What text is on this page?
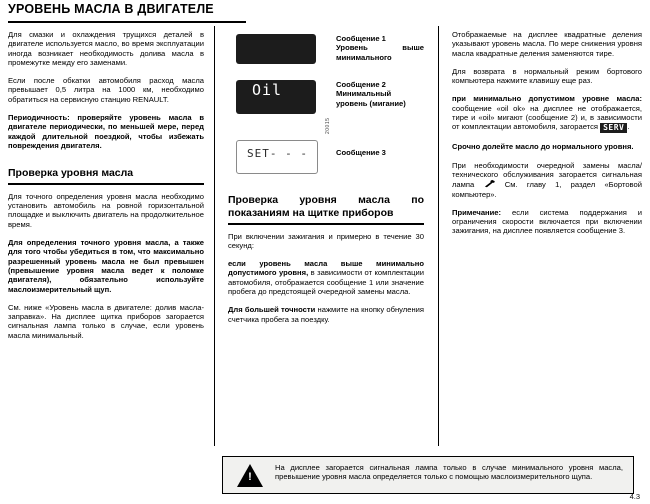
УРОВЕНЬ МАСЛА В ДВИГАТЕЛЕ

Для смазки и охлаждения трущихся деталей в двигателе используется масло, во время эксплуатации иногда возникает необходимость долива масла в промежутке между его заменами.

Если после обкатки автомобиля расход масла превышает 0,5 литра на 1000 км, необходимо обратиться на сервисную станцию RENAULT.

Периодичность: проверяйте уровень масла в двигателе периодически, по меньшей мере, перед каждой длительной поездкой, чтобы избежать повреждения двигателя.

Проверка уровня масла

Для точного определения уровня масла необходимо установить автомобиль на ровной горизонтальной площадке и выключить двигатель на продолжительное время.

Для определения точного уровня масла, а также для того чтобы убедиться в том, что максимально разрешенный уровень масла не был превышен (превышение уровня масла ведет к поломке двигателя), обязательно используйте маслоизмерительный щуп.

См. ниже «Уровень масла в двигателе: долив масла-заправка». На дисплее щитка приборов загорается сигнальная лампа только в случае, если уровень масла минимальный.

Oil
SET- - -
20015
Сообщение 1
Уровень выше минимального
Сообщение 2
Минимальный уровень (мигание)
Сообщение 3
Проверка уровня масла по показаниям на щитке приборов

При включении зажигания и примерно в течение 30 секунд:

если уровень масла выше минимально допустимого уровня, в зависимости от комплектации автомобиля, отображается сообщение 1 или значение пробега до предстоящей очередной замены масла.

Для большей точности нажмите на кнопку обнуления счетчика пробега за поездку.

Отображаемые на дисплее квадратные деления указывают уровень масла. По мере снижения уровня масла квадратные деления заменяются тире.

Для возврата в нормальный режим бортового компьютера нажмите клавишу еще раз.

при минимально допустимом уровне масла: сообщение «oil ok» на дисплее не отображается, тире и «oil» мигают (сообщение 2) и, в зависимости от комплектации автомобиля, загорается SERV .

Срочно долейте масло до нормального уровня.

При необходимости очередной замены масла/технического обслуживания загорается сигнальная лампа	См. главу 1, раздел «Бортовой компьютер».

Примечание: если система поддержания и ограничения скорости включается при включении зажигания, на дисплее появляется сообщение 3.

!
На дисплее загорается сигнальная лампа только в случае минимального уровня масла, превышение уровня масла определяется только с помощью маслоизмерительного щупа.
4.3
